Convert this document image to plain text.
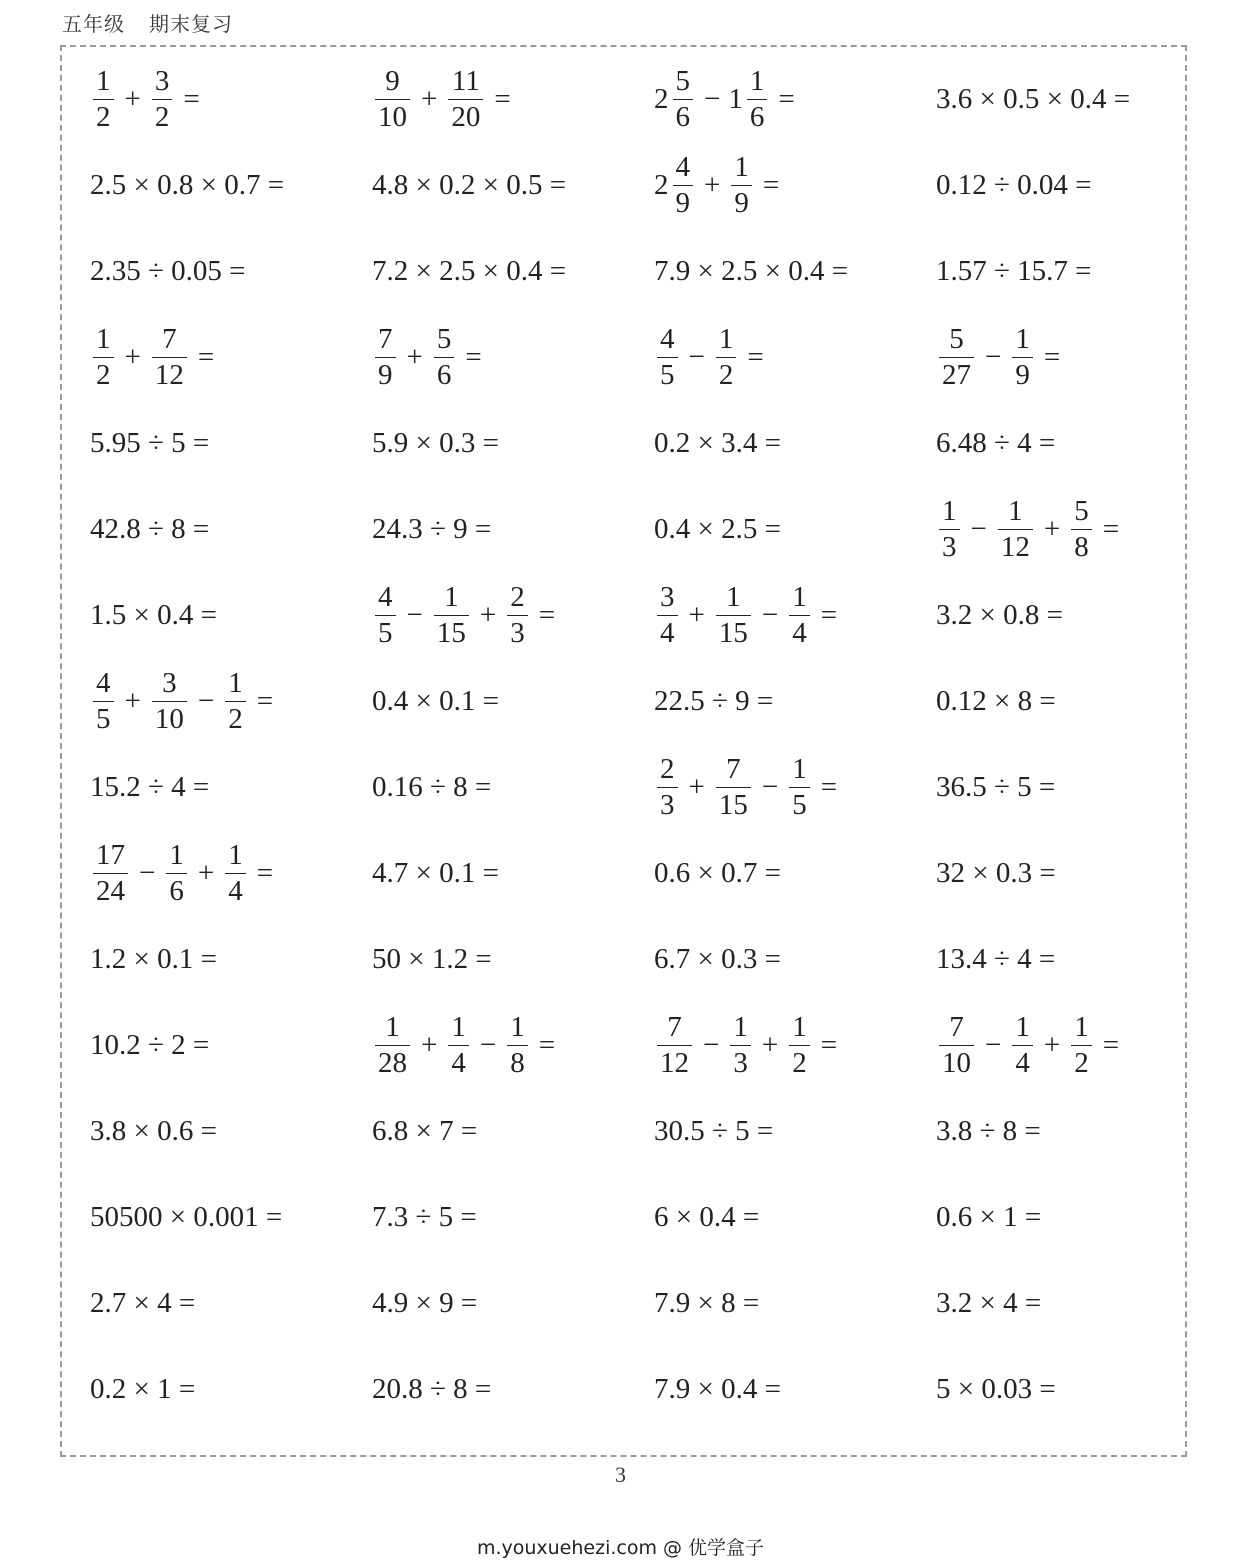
五年级 期末复习
$\frac{1}{2} + \frac{3}{2}$ =	$\frac{9}{10} + \frac{11}{20}$ =	$2 \frac{5}{6} - 1 \frac{1}{6}$ =	3.6 × 0.5 × 0.4 =
2.5 × 0.8 × 0.7 =	4.8 × 0.2 × 0.5 =	$2 \frac{4}{9} + \frac{1}{9}$ =	0.12 ÷ 0.04 =
2.35 ÷ 0.05 =	7.2 × 2.5 × 0.4 =	7.9 × 2.5 × 0.4 =	1.57 ÷ 15.7 =
$\frac{1}{2} + \frac{7}{12}$ =	$\frac{7}{9} + \frac{5}{6}$ =	$\frac{4}{5} - \frac{1}{2}$ =	$\frac{5}{27} - \frac{1}{9}$ =
5.95 ÷ 5 =	5.9 × 0.3 =	0.2 × 3.4 =	6.48 ÷ 4 =
42.8 ÷ 8 =	24.3 ÷ 9 =	0.4 × 2.5 =	$\frac{1}{3} - \frac{1}{12} + \frac{5}{8}$ =
1.5 × 0.4 =	$\frac{4}{5} - \frac{1}{15} + \frac{2}{3}$ =	$\frac{3}{4} + \frac{1}{15} - \frac{1}{4}$ =	3.2 × 0.8 =
$\frac{4}{5} + \frac{3}{10} - \frac{1}{2}$ =	0.4 × 0.1 =	22.5 ÷ 9 =	0.12 × 8 =
15.2 ÷ 4 =	0.16 ÷ 8 =	$\frac{2}{3} + \frac{7}{15} - \frac{1}{5}$ =	36.5 ÷ 5 =
$\frac{17}{24} - \frac{1}{6} + \frac{1}{4}$ =	4.7 × 0.1 =	0.6 × 0.7 =	32 × 0.3 =
1.2 × 0.1 =	50 × 1.2 =	6.7 × 0.3 =	13.4 ÷ 4 =
10.2 ÷ 2 =	$\frac{1}{28} + \frac{1}{4} - \frac{1}{8}$ =	$\frac{7}{12} - \frac{1}{3} + \frac{1}{2}$ =	$\frac{7}{10} - \frac{1}{4} + \frac{1}{2}$ =
3.8 × 0.6 =	6.8 × 7 =	30.5 ÷ 5 =	3.8 ÷ 8 =
50500 × 0.001 =	7.3 ÷ 5 =	6 × 0.4 =	0.6 × 1 =
2.7 × 4 =	4.9 × 9 =	7.9 × 8 =	3.2 × 4 =
0.2 × 1 =	20.8 ÷ 8 =	7.9 × 0.4 =	5 × 0.03 =
3
m.youxuehezi.com @ 优学盒子
